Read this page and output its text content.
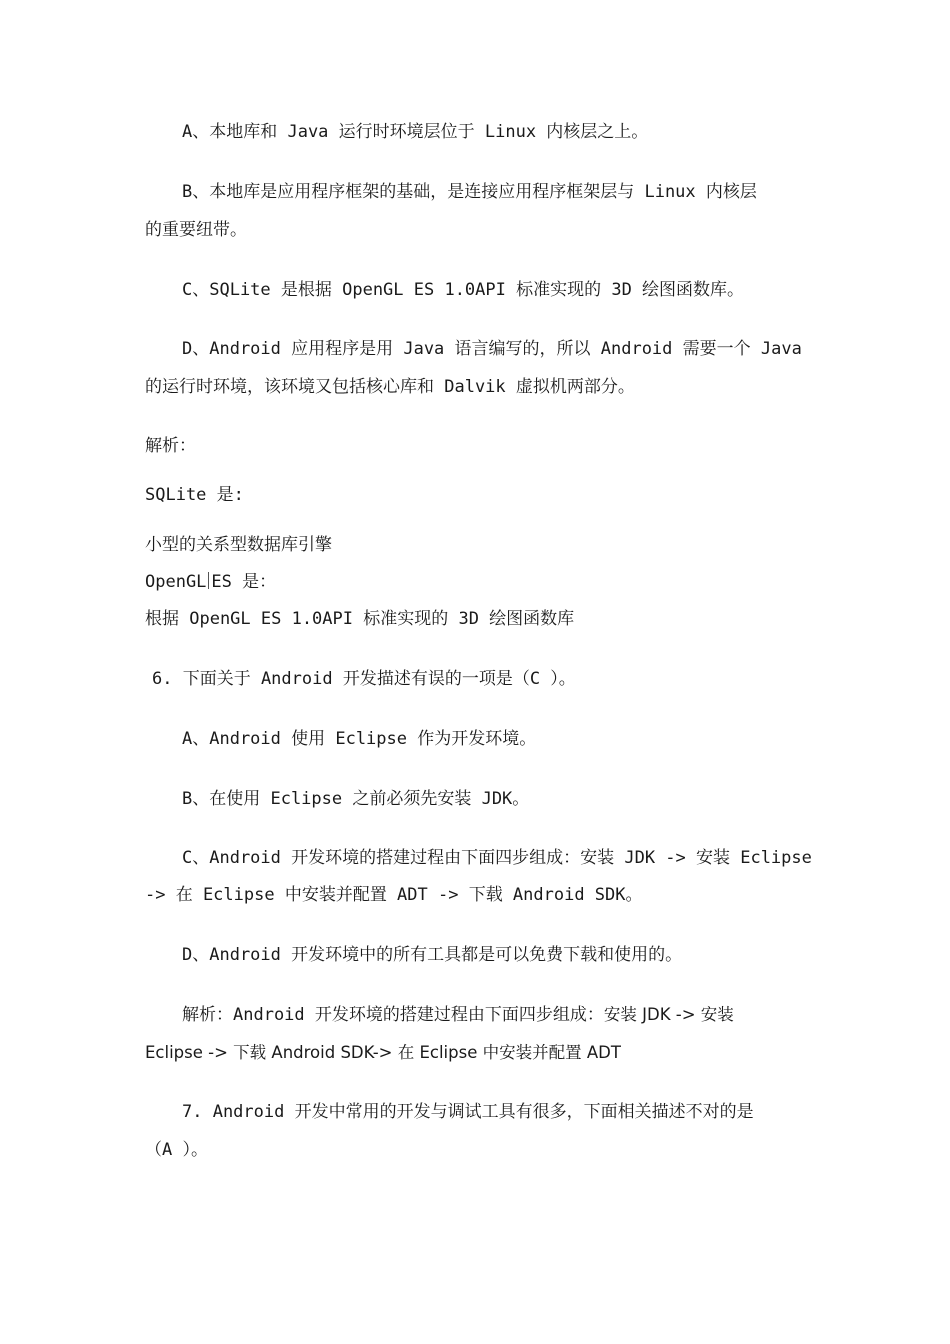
A、本地库和 Java 运行时环境层位于 Linux 内核层之上。
B、本地库是应用程序框架的基础，是连接应用程序框架层与 Linux 内核层
的重要纽带。
C、SQLite 是根据 OpenGL ES 1.0API 标准实现的 3D 绘图函数库。
D、Android 应用程序是用 Java 语言编写的，所以 Android 需要一个 Java
的运行时环境，该环境又包括核心库和 Dalvik 虚拟机两部分。
解析：
SQLite 是:
小型的关系型数据库引擎
OpenGL ES 是：
根据 OpenGL ES 1.0API 标准实现的 3D 绘图函数库
6. 下面关于 Android 开发描述有误的一项是（C ）。
A、Android 使用 Eclipse 作为开发环境。
B、在使用 Eclipse 之前必须先安装 JDK。
C、Android 开发环境的搭建过程由下面四步组成：安装 JDK -> 安装 Eclipse
-> 在 Eclipse 中安装并配置 ADT -> 下载 Android SDK。
D、Android 开发环境中的所有工具都是可以免费下载和使用的。
解析：Android 开发环境的搭建过程由下面四步组成：安装 JDK -> 安装
Eclipse -> 下载 Android SDK-> 在 Eclipse 中安装并配置 ADT
7. Android 开发中常用的开发与调试工具有很多，下面相关描述不对的是
（A ）。
